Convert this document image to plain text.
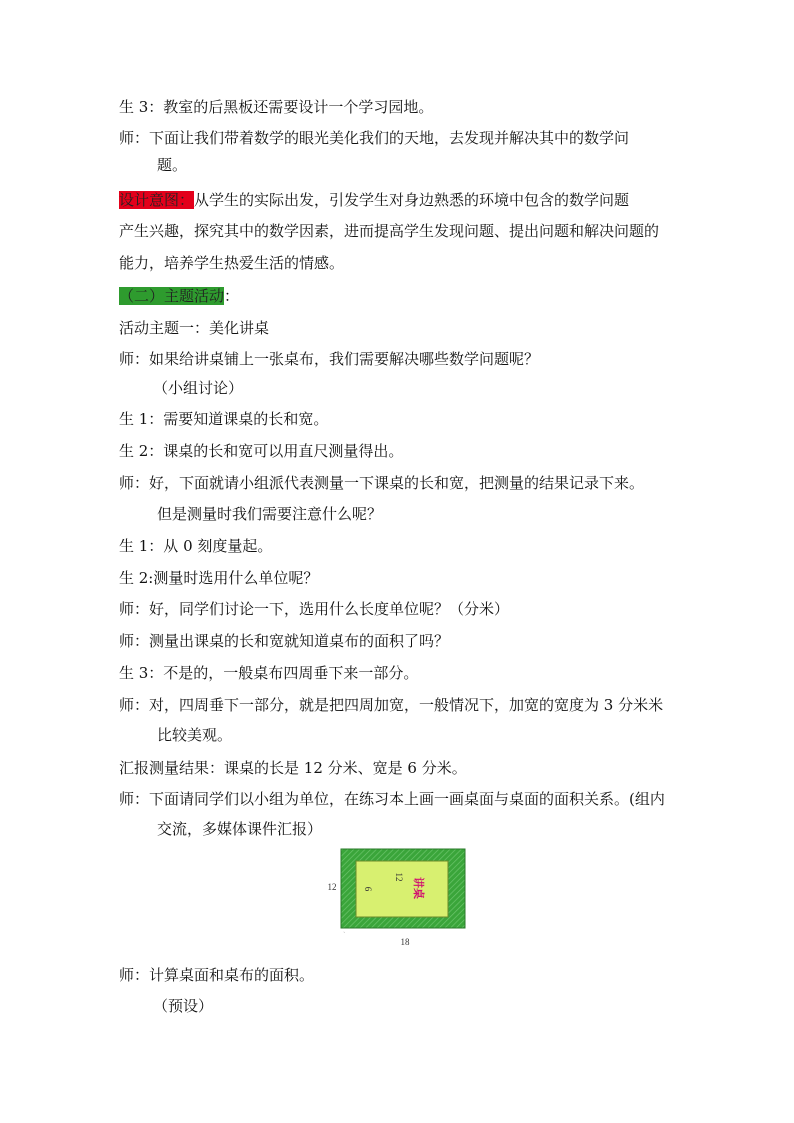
生 3：教室的后黑板还需要设计一个学习园地。
师：下面让我们带着数学的眼光美化我们的天地，去发现并解决其中的数学问
题。
设计意图：从学生的实际出发，引发学生对身边熟悉的环境中包含的数学问题
产生兴趣，探究其中的数学因素，进而提高学生发现问题、提出问题和解决问题的
能力，培养学生热爱生活的情感。
（二）主题活动：
活动主题一：美化讲桌
师：如果给讲桌铺上一张桌布，我们需要解决哪些数学问题呢？
（小组讨论）
生 1：需要知道课桌的长和宽。
生 2：课桌的长和宽可以用直尺测量得出。
师：好，下面就请小组派代表测量一下课桌的长和宽，把测量的结果记录下来。
但是测量时我们需要注意什么呢？
生 1：从 0 刻度量起。
生 2:测量时选用什么单位呢？
师：好，同学们讨论一下，选用什么长度单位呢？（分米）
师：测量出课桌的长和宽就知道桌布的面积了吗？
生 3：不是的，一般桌布四周垂下来一部分。
师：对，四周垂下一部分，就是把四周加宽，一般情况下，加宽的宽度为 3 分米米
比较美观。
汇报测量结果：课桌的长是 12 分米、宽是 6 分米。
师：下面请同学们以小组为单位，在练习本上画一画桌面与桌面的面积关系。(组内
交流，多媒体课件汇报）
12
18
12
6	讲桌
ˋ
师：计算桌面和桌布的面积。
（预设）
